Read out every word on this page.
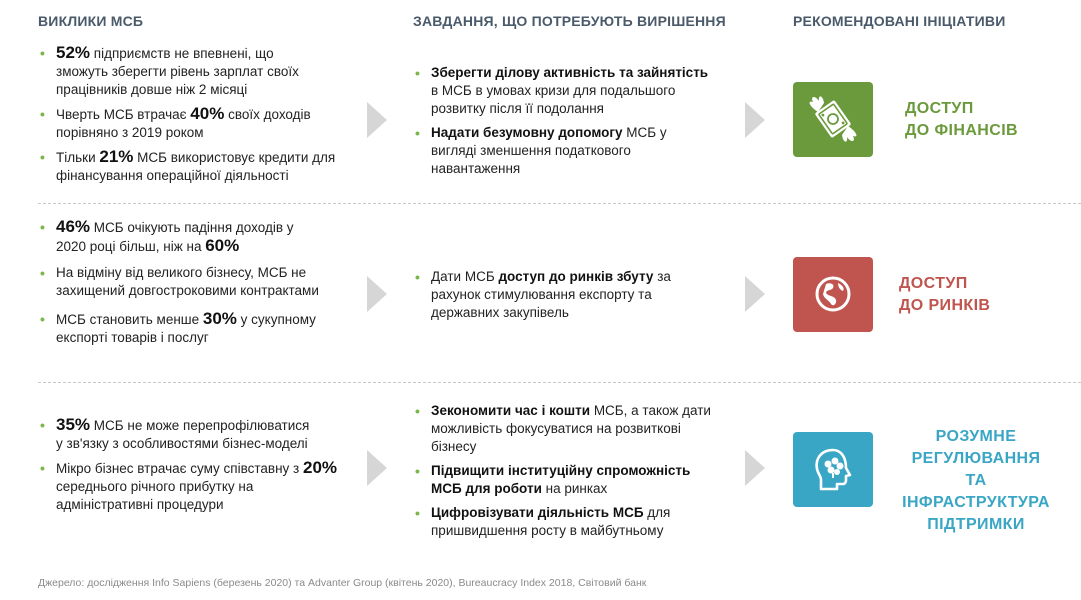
ВИКЛИКИ МСБ	ЗАВДАННЯ, ЩО ПОТРЕБУЮТЬ ВИРІШЕННЯ	РЕКОМЕНДОВАНІ ІНІЦІАТИВИ
• 52% підприємств не впевнені, що
зможуть зберегти рівень зарплат своїх працівників довше ніж 2 місяці
• Чверть МСБ втрачає 40% своїх доходів порівняно з 2019 роком
• Тільки 21% МСБ використовує кредити для фінансування операційної діяльності
• Зберегти ділову активність та зайнятість в МСБ в умовах кризи для подальшого розвитку після її подолання
• Надати безумовну допомогу МСБ у вигляді зменшення податкового навантаження
ДОСТУП
ДО ФІНАНСІВ
• 46% МСБ очікують падіння доходів у
2020 році більш, ніж на 60%
• На відміну від великого бізнесу, МСБ не захищений довгостроковими контрактами
• МСБ становить менше 30% у сукупному експорті товарів і послуг
• Дати МСБ доступ до ринків збуту за рахунок стимулювання експорту та державних закупівель
ДОСТУП
ДО РИНКІВ
• 35% МСБ не може перепрофілюватися
у зв'язку з особливостями бізнес-моделі
• Мікро бізнес втрачає суму співставну з 20% середнього річного прибутку на адміністративні процедури
• Зекономити час і кошти МСБ, а також дати можливість фокусуватися на розвиткові бізнесу
• Підвищити інституційну спроможність МСБ для роботи на ринках
• Цифровізувати діяльність МСБ для пришвидшення росту в майбутньому
РОЗУМНЕ
РЕГУЛЮВАННЯ ТА
ІНФРАСТРУКТУРА
ПІДТРИМКИ
Джерело: дослідження Info Sapiens (березень 2020) та Advanter Group (квітень 2020), Bureaucracy Index 2018, Світовий банк
